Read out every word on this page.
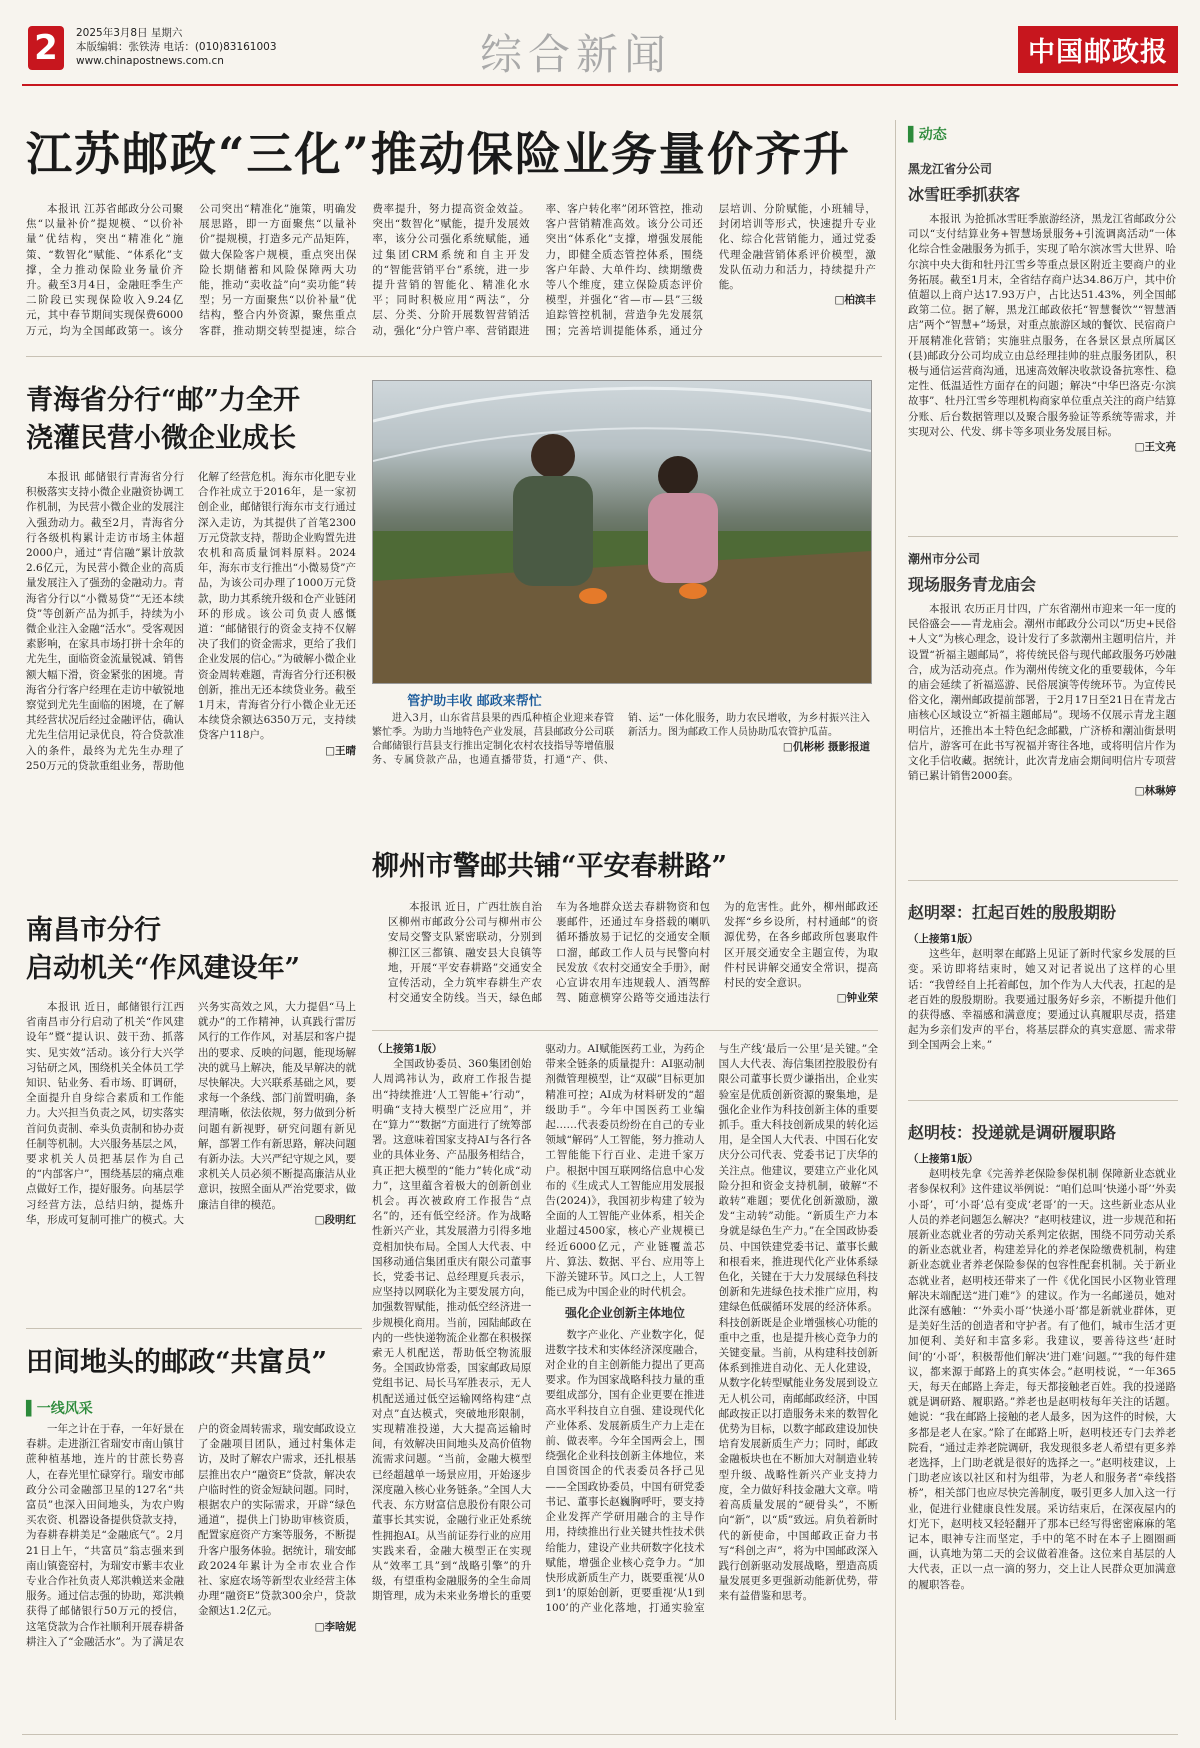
2	2025年3月8日 星期六
本版编辑：张铁涛 电话：(010)83161003
www.chinapostnews.com.cn	综合新闻	中国邮政报
江苏邮政“三化”推动保险业务量价齐升

本报讯 江苏省邮政分公司聚焦“以量补价”提规模、“以价补量”优结构，突出“精准化”施策、“数智化”赋能、“体系化”支撑，全力推动保险业务量价齐升。截至3月4日，金融旺季生产二阶段已实现保险收入9.24亿元，其中春节期间实现保费6000万元，均为全国邮政第一。该分公司突出“精准化”施策，明确发展思路，即一方面聚焦“以量补价”提规模，打造多元产品矩阵，做大保险客户规模，重点突出保险长期储蓄和风险保障两大功能，推动“卖收益”向“卖功能”转型；另一方面聚焦“以价补量”优结构，整合内外资源，聚焦重点客群，推动期交转型提速，综合费率提升，努力提高资金效益。突出“数智化”赋能，提升发展效率，该分公司强化系统赋能，通过集团CRM系统和自主开发的“智能营销平台”系统，进一步提升营销的智能化、精准化水平；同时积极应用“两法”，分层、分类、分阶开展数智营销活动，强化“分户管户率、营销跟进率、客户转化率”闭环管控，推动客户营销精准高效。该分公司还突出“体系化”支撑，增强发展能力，即健全质态管控体系，围绕客户年龄、大单件均、续期缴费等八个维度，建立保险质态评价模型，并强化“省—市—县”三级追踪管控机制，营造争先发展氛围；完善培训提能体系，通过分层培训、分阶赋能，小班辅导，封闭培训等形式，快速提升专业化、综合化营销能力，通过党委代理金融营销体系评价模型，激发队伍动力和活力，持续提升产能。

□柏滨丰
青海省分行“邮”力全开
浇灌民营小微企业成长

本报讯 邮储银行青海省分行积极落实支持小微企业融资协调工作机制，为民营小微企业的发展注入强劲动力。截至2月，青海省分行各级机构累计走访市场主体超2000户，通过“青信融”累计放款2.6亿元，为民营小微企业的高质量发展注入了强劲的金融动力。青海省分行以“小微易贷”“无还本续贷”等创新产品为抓手，持续为小微企业注入金融“活水”。受客观因素影响，在家具市场打拼十余年的尤先生，面临资金流量锐减、销售额大幅下滑，资金紧张的困境。青海省分行客户经理在走访中敏锐地察觉到尤先生面临的困境，在了解其经营状况后经过金融评估，确认尤先生信用记录优良，符合贷款准入的条件，最终为尤先生办理了250万元的贷款重组业务，帮助他化解了经营危机。海东市化肥专业合作社成立于2016年，是一家初创企业，邮储银行海东市支行通过深入走访，为其提供了首笔2300万元贷款支持，帮助企业购置先进农机和高质量饲料原料。2024年，海东市支行推出“小微易贷”产品，为该公司办理了1000万元贷款，助力其系统升级和仓产业链闭环的形成。该公司负责人感慨道：“邮储银行的资金支持不仅解决了我们的资金需求，更给了我们企业发展的信心。”为破解小微企业资金周转难题，青海省分行还积极创新，推出无还本续贷业务。截至1月末，青海省分行小微企业无还本续贷余额达6350万元，支持续贷客户118户。

□王晴
管护助丰收 邮政来帮忙

进入3月，山东省莒县果的西瓜种植企业迎来春管繁忙季。为助力当地特色产业发展，莒县邮政分公司联合邮储银行莒县支行推出定制化农村农技指导等增值服务、专属贷款产品，也通直播带货，打通“产、供、销、运”一体化服务，助力农民增收，为乡村振兴注入新活力。图为邮政工作人员协助瓜农管护瓜苗。

□仉彬彬 摄影报道
柳州市警邮共铺“平安春耕路”

本报讯 近日，广西壮族自治区柳州市邮政分公司与柳州市公安局交警支队紧密联动，分别到柳江区三都镇、融安县大良镇等地，开展“平安春耕路”交通安全宣传活动，全力筑牢春耕生产农村交通安全防线。当天，绿色邮车为各地群众送去春耕物资和包裹邮件，还通过车身搭载的喇叭循环播放易于记忆的交通安全顺口溜，邮政工作人员与民警向村民发放《农村交通安全手册》，耐心宣讲农用车违规载人、酒驾醉驾、随意横穿公路等交通违法行为的危害性。此外，柳州邮政还发挥“乡乡设所，村村通邮”的资源优势，在各乡邮政所包裹取件区开展交通安全主题宣传，为取件村民讲解交通安全常识，提高村民的安全意识。

□钟业荣
南昌市分行
启动机关“作风建设年”

本报讯 近日，邮储银行江西省南昌市分行启动了机关“作风建设年”暨“提认识、鼓干劲、抓落实、见实效”活动。该分行大兴学习钻研之风，围绕机关全体员工学知识、钻业务、看市场、盯调研，全面提升自身综合素质和工作能力。大兴担当负责之风，切实落实首问负责制、牵头负责制和协办责任制等机制。大兴服务基层之风，要求机关人员把基层作为自己的“内部客户”，围绕基层的痛点难点做好工作，提好服务。向基层学习经营方法，总结归纳，提炼升华，形成可复制可推广的模式。大兴务实高效之风，大力提倡“马上就办”的工作精神，认真践行雷厉风行的工作作风，对基层和客户提出的要求、反映的问题，能现场解决的就马上解决，能及早解决的就尽快解决。大兴联系基础之风，要求每一个条线、部门前置明确，条理清晰，依法依规，努力做到分析问题有新视野，研究问题有新见解，部署工作有新思路，解决问题有新办法。大兴严纪守规之风，要求机关人员必须不断提高廉洁从业意识，按照全面从严治党要求，做廉洁自律的模范。

□段明红
田间地头的邮政“共富员”
▌一线风采

一年之计在于春，一年好景在春耕。走进浙江省瑞安市南山镇甘蔗种植基地，连片的甘蔗长势喜人，在春光里忙碌穿行。瑞安市邮政分公司金融部卫星的127名“共富员”也深入田间地头，为农户购买农资、机器设备提供贷款支持，为春耕春耕美足“金融底气”。2月21日上午，“共富员”翁志强来到南山镇瓷窑村，为瑞安市紫丰农业专业合作社负责人郑洪赖送来金融服务。通过信志强的协助，郑洪赖获得了邮储银行50万元的授信，这笔贷款为合作社顺利开展春耕备耕注入了“金融活水”。为了满足农户的资金周转需求，瑞安邮政设立了金融项目团队，通过村集体走访，及时了解农户需求，还扎根基层推出农户“融资E”贷款，解决农户临时性的资金短缺问题。同时，根据农户的实际需求，开辟“绿色通道”，提供上门协助审核资质，配置家庭资产方案等服务，不断提升客户服务体验。据统计，瑞安邮政2024年累计为全市农业合作社、家庭农场等新型农业经营主体办理“融资E”贷款300余户，贷款金额达1.2亿元。

□李啥妮
（上接第1版）

全国政协委员、360集团创始人周鸿祎认为，政府工作报告提出“持续推进‘人工智能+’行动”，明确“支持大模型广泛应用”，并在“算力”“数据”方面进行了统筹部署。这意味着国家支持AI与各行各业的具体业务、产品服务相结合，真正把大模型的“能力”转化成“动力”，这里蕴含着极大的创新创业机会。再次被政府工作报告“点名”的，还有低空经济。作为战略性新兴产业，其发展潜力引得多地竞相加快布局。全国人大代表、中国移动通信集团重庆有限公司董事长，党委书记、总经理夏兵表示，应坚持以网联化为主要发展方向，加强数智赋能，推动低空经济进一步规模化商用。当前，园陆邮政在内的一些快递物流企业都在积极探索无人机配送，帮助低空物流服务。全国政协常委，国家邮政局原党组书记、局长马军胜表示，无人机配送通过低空运输网络构建“点对点”直达模式，突破地形限制，实现精准投递，大大提高运输时间，有效解决田间地头及高价值物流需求问题。“当前，金融大模型已经超越单一场景应用，开始逐步深度融入核心业务链条。”全国人大代表、东方财富信息股份有限公司董事长其实说，金融行业正处系统性拥抱AI。从当前证券行业的应用实践来看，金融大模型正在实现从“效率工具”到“战略引擎”的升级，有望重构金融服务的全生命周期管理，成为未来业务增长的重要驱动力。AI赋能医药工业，为药企带来全链条的质量提升：AI驱动制剂微管理模型，让“双碳”目标更加精准可控；AI成为材料研发的“超级助手”。今年中国医药工业编起……代表委员纷纷在自己的专业领域“解码”人工智能，努力推动人工智能能下行百业、走进千家万户。根据中国互联网络信息中心发布的《生成式人工智能应用发展报告(2024)》，我国初步构建了较为全面的人工智能产业体系，相关企业超过4500家，核心产业规模已经近6000亿元，产业链覆盖芯片、算法、数据、平台、应用等上下游关键环节。风口之上，人工智能已成为中国企业的时代机会。

强化企业创新主体地位

数字产业化、产业数字化，促进数字技术和实体经济深度融合，对企业的自主创新能力提出了更高要求。作为国家战略科技力量的重要组成部分，国有企业更要在推进高水平科技自立自强、建设现代化产业体系、发展新质生产力上走在前、做表率。今年全国两会上，围绕强化企业科技创新主体地位，来自国资国企的代表委员各抒己见——全国政协委员，中国有研党委书记、董事长赵巍胸呼吁，要支持企业发挥产学研用融合的主导作用，持续推出行业关键共性技术供给能力，建设产业共研数字化技术赋能，增强企业核心竞争力。“加快形成新质生产力，既要重视‘从0到1’的原始创新，更要重视‘从1到100’的产业化落地，打通实验室与生产线‘最后一公里’是关键。”全国人大代表、海信集团控股股份有限公司董事长贾少谦指出，企业实验室是优质创新资源的聚集地，是强化企业作为科技创新主体的重要抓手。重大科技创新成果的转化运用，是全国人大代表、中国石化安庆分公司代表、党委书记丁庆华的关注点。他建议，要建立产业化风险分担和资金支持机制，破解“不敢转”难题；要优化创新激励，激发“主动转”动能。“新质生产力本身就是绿色生产力。”在全国政协委员、中国铁建党委书记、董事长戴和根看来，推进现代化产业体系绿色化，关键在于大力发展绿色科技创新和先进绿色技术推广应用，构建绿色低碳循环发展的经济体系。科技创新既是企业增强核心功能的重中之重，也是提升核心竞争力的关键变量。当前，从构建科技创新体系到推进自动化、无人化建设，从数字化转型赋能业务发展到设立无人机公司，南邮邮政经济，中国邮政按正以打造服务未来的数智化优势为目标，以数字邮政建设加快培育发展新质生产力；同时，邮政金融板块也在不断加大对制造业转型升级、战略性新兴产业支持力度，全力做好科技金融大文章。啃着高质量发展的“硬骨头”，不断向“新”，以“质”致远。肩负着新时代的新使命，中国邮政正奋力书写“科创之声”，将为中国邮政深入践行创新驱动发展战略，塑造高质量发展更多更强新动能新优势，带来有益借鉴和思考。

▌动态
黑龙江省分公司
冰雪旺季抓获客

本报讯 为抢抓冰雪旺季旅游经济，黑龙江省邮政分公司以“支付结算业务+智慧场景服务+引流调离活动”一体化综合性金融服务为抓手，实现了哈尔滨冰雪大世界、哈尔滨中央大街和牡丹江雪乡等重点景区附近主要商户的业务拓展。截至1月末，全省结存商户达34.86万户，其中价值超以上商户达17.93万户，占比达51.43%，列全国邮政第二位。据了解，黑龙江邮政依托“智慧餐饮”“智慧酒店”两个“智慧+”场景，对重点旅游区域的餐饮、民宿商户开展精准化营销；实施驻点服务，在各景区景点所属区(县)邮政分公司均成立由总经理挂帅的驻点服务团队，积极与通信运营商沟通，迅速高效解决收款设备抗寒性、稳定性、低温适性方面存在的问题；解决“中华巴洛克·尔滨故事”、牡丹江雪乡等理机构商家单位重点关注的商户结算分账、后台数据管理以及聚合服务验证等系统等需求，并实现对公、代发、绑卡等多项业务发展目标。

□王文亮
潮州市分公司
现场服务青龙庙会

本报讯 农历正月廿四，广东省潮州市迎来一年一度的民俗盛会——青龙庙会。潮州市邮政分公司以“历史+民俗+人文”为核心理念，设计发行了多款潮州主题明信片，并设置“祈福主题邮局”，将传统民俗与现代邮政服务巧妙融合，成为活动亮点。作为潮州传统文化的重要载体，今年的庙会延续了祈福巡游、民俗展演等传统环节。为宣传民俗文化，潮州邮政提前部署，于2月17日至21日在青龙古庙核心区域设立“祈福主题邮局”。现场不仅展示青龙主题明信片，还推出本土特色纪念邮戳，广济桥和潮汕街景明信片，游客可在此书写祝福并寄往各地，或将明信片作为文化手信收藏。据统计，此次青龙庙会期间明信片专项营销已累计销售2000套。

□林琳婷
赵明翠：扛起百姓的殷殷期盼
（上接第1版）

这些年，赵明翠在邮路上见证了新时代家乡发展的巨变。采访即将结束时，她又对记者说出了这样的心里话：“我曾经自上托着邮包，加个作为人大代表，扛起的是老百姓的殷殷期盼。我要通过服务好乡亲，不断提升他们的获得感、幸福感和满意度；要通过认真履职尽责，搭建起为乡亲们发声的平台，将基层群众的真实意愿、需求带到全国两会上来。”

赵明枝：投递就是调研履职路
（上接第1版）

赵明枝先拿《完善养老保险参保机制 保障新业态就业者参保权利》这件建议举例说：“咱们总叫‘快递小哥’‘外卖小哥’，可‘小哥’总有变成‘老哥’的一天。这些新业态从业人员的养老问题怎么解决？”赵明枝建议，进一步规范和拓展新业态就业者的劳动关系判定依据，围绕不同劳动关系的新业态就业者，构建差异化的养老保险缴费机制，构建新业态就业者养老保险参保的包容性配套机制。关于新业态就业者，赵明枝还带来了一件《优化国民小区物业管理 解决末端配送“进门难”》的建议。作为一名邮递员，她对此深有感触：“‘外卖小哥’‘快递小哥’都是新就业群体，更是美好生活的创造者和守护者。有了他们，城市生活才更加便利、美好和丰富多彩。我建议，要善待这些‘赶时间’的‘小哥’，积极帮他们解决‘进门难’问题。”“我的每件建议，都来源于邮路上的真实体会。”赵明枝说，“一年365天，每天在邮路上奔走，每天都接触老百姓。我的投递路就是调研路、履职路。”养老也是赵明枝每年关注的话题。她说：“我在邮路上接触的老人最多，因为这件的时候，大多都是老人在家。”除了在邮路上听，赵明枝还专门去养老院看，“通过走养老院调研，我发现很多老人希望有更多养老选择，上门助老就是很好的选择之一。”赵明枝建议，上门助老应该以社区和村为组带，为老人和服务者“牵线搭桥”，相关部门也应尽快完善制度，吸引更多人加入这一行业，促进行业健康良性发展。采访结束后，在深夜屋内的灯光下，赵明枝又轻轻翻开了那本已经写得密密麻麻的笔记本，眼神专注而坚定，手中的笔不时在本子上圈圈画画，认真地为第二天的会议做着准备。这位来自基层的人大代表，正以一点一滴的努力，交上让人民群众更加满意的履职答卷。
